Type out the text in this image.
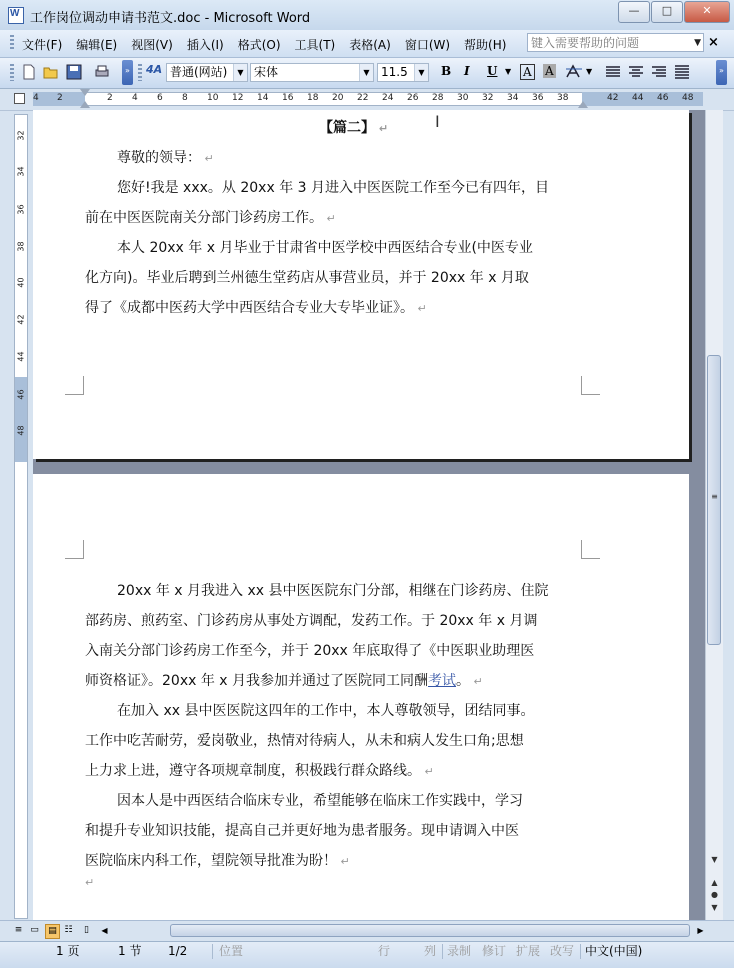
W
工作岗位调动申请书范文.doc - Microsoft Word
—	□	✕
文件(F) 编辑(E) 视图(V) 插入(I) 格式(O) 工具(T) 表格(A) 窗口(W) 帮助(H)	键入需要帮助的问题	▼ ×
» 4A 普通(网站)	▼ 宋体	▼ 11.5	▼ B I U ▼ A A	▼	»
4 2	2 4 6 8 10 12 14 16 18 20 22 24 26 28 30 32 34 36 38	42 44 46 48
32
34
36
38
40
42
44
46
48
【篇二】 ↵
尊敬的领导： ↵
您好!我是 xxx。从 20xx 年 3 月进入中医医院工作至今已有四年，目
前在中医医院南关分部门诊药房工作。 ↵
本人 20xx 年 x 月毕业于甘肃省中医学校中西医结合专业(中医专业
化方向)。毕业后聘到兰州德生堂药店从事营业员，并于 20xx 年 x 月取
得了《成都中医药大学中西医结合专业大专毕业证》。 ↵
I
20xx 年 x 月我进入 xx 县中医医院东门分部，相继在门诊药房、住院
部药房、煎药室、门诊药房从事处方调配，发药工作。于 20xx 年 x 月调
入南关分部门诊药房工作至今，并于 20xx 年底取得了《中医职业助理医
师资格证》。20xx 年 x 月我参加并通过了医院同工同酬考试。 ↵
在加入 xx 县中医医院这四年的工作中，本人尊敬领导，团结同事。
工作中吃苦耐劳，爱岗敬业，热情对待病人，从未和病人发生口角;思想
上力求上进，遵守各项规章制度，积极践行群众路线。 ↵
因本人是中西医结合临床专业，希望能够在临床工作实践中，学习
和提升专业知识技能，提高自己并更好地为患者服务。现申请调入中医
医院临床内科工作，望院领导批准为盼！ ↵
↵
≡
▼
▲
●
▼
≡ ▭	▤ ☷	▯	◀	▶
1 页	1 节 1/2	位置	行	列 录制 修订 扩展 改写 中文(中国)
